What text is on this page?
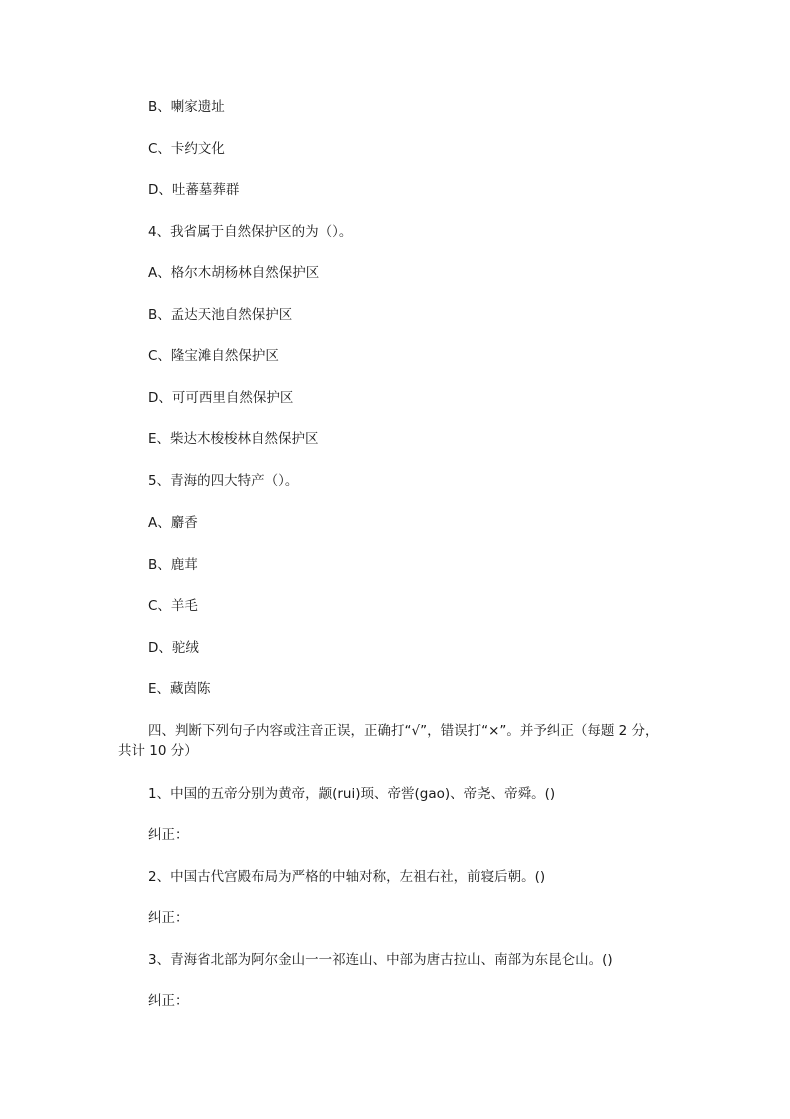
B、喇家遗址
C、卡约文化
D、吐蕃墓葬群
4、我省属于自然保护区的为（）。
A、格尔木胡杨林自然保护区
B、孟达天池自然保护区
C、隆宝滩自然保护区
D、可可西里自然保护区
E、柴达木梭梭林自然保护区
5、青海的四大特产（）。
A、麝香
B、鹿茸
C、羊毛
D、驼绒
E、藏茵陈
四、判断下列句子内容或注音正误，正确打“√”，错误打“×”。并予纠正（每题 2 分，共计 10 分）
1、中国的五帝分别为黄帝，颛(rui)顼、帝喾(gao)、帝尧、帝舜。()
纠正：
2、中国古代宫殿布局为严格的中轴对称，左祖右社，前寝后朝。()
纠正：
3、青海省北部为阿尔金山一一祁连山、中部为唐古拉山、南部为东昆仑山。()
纠正：
